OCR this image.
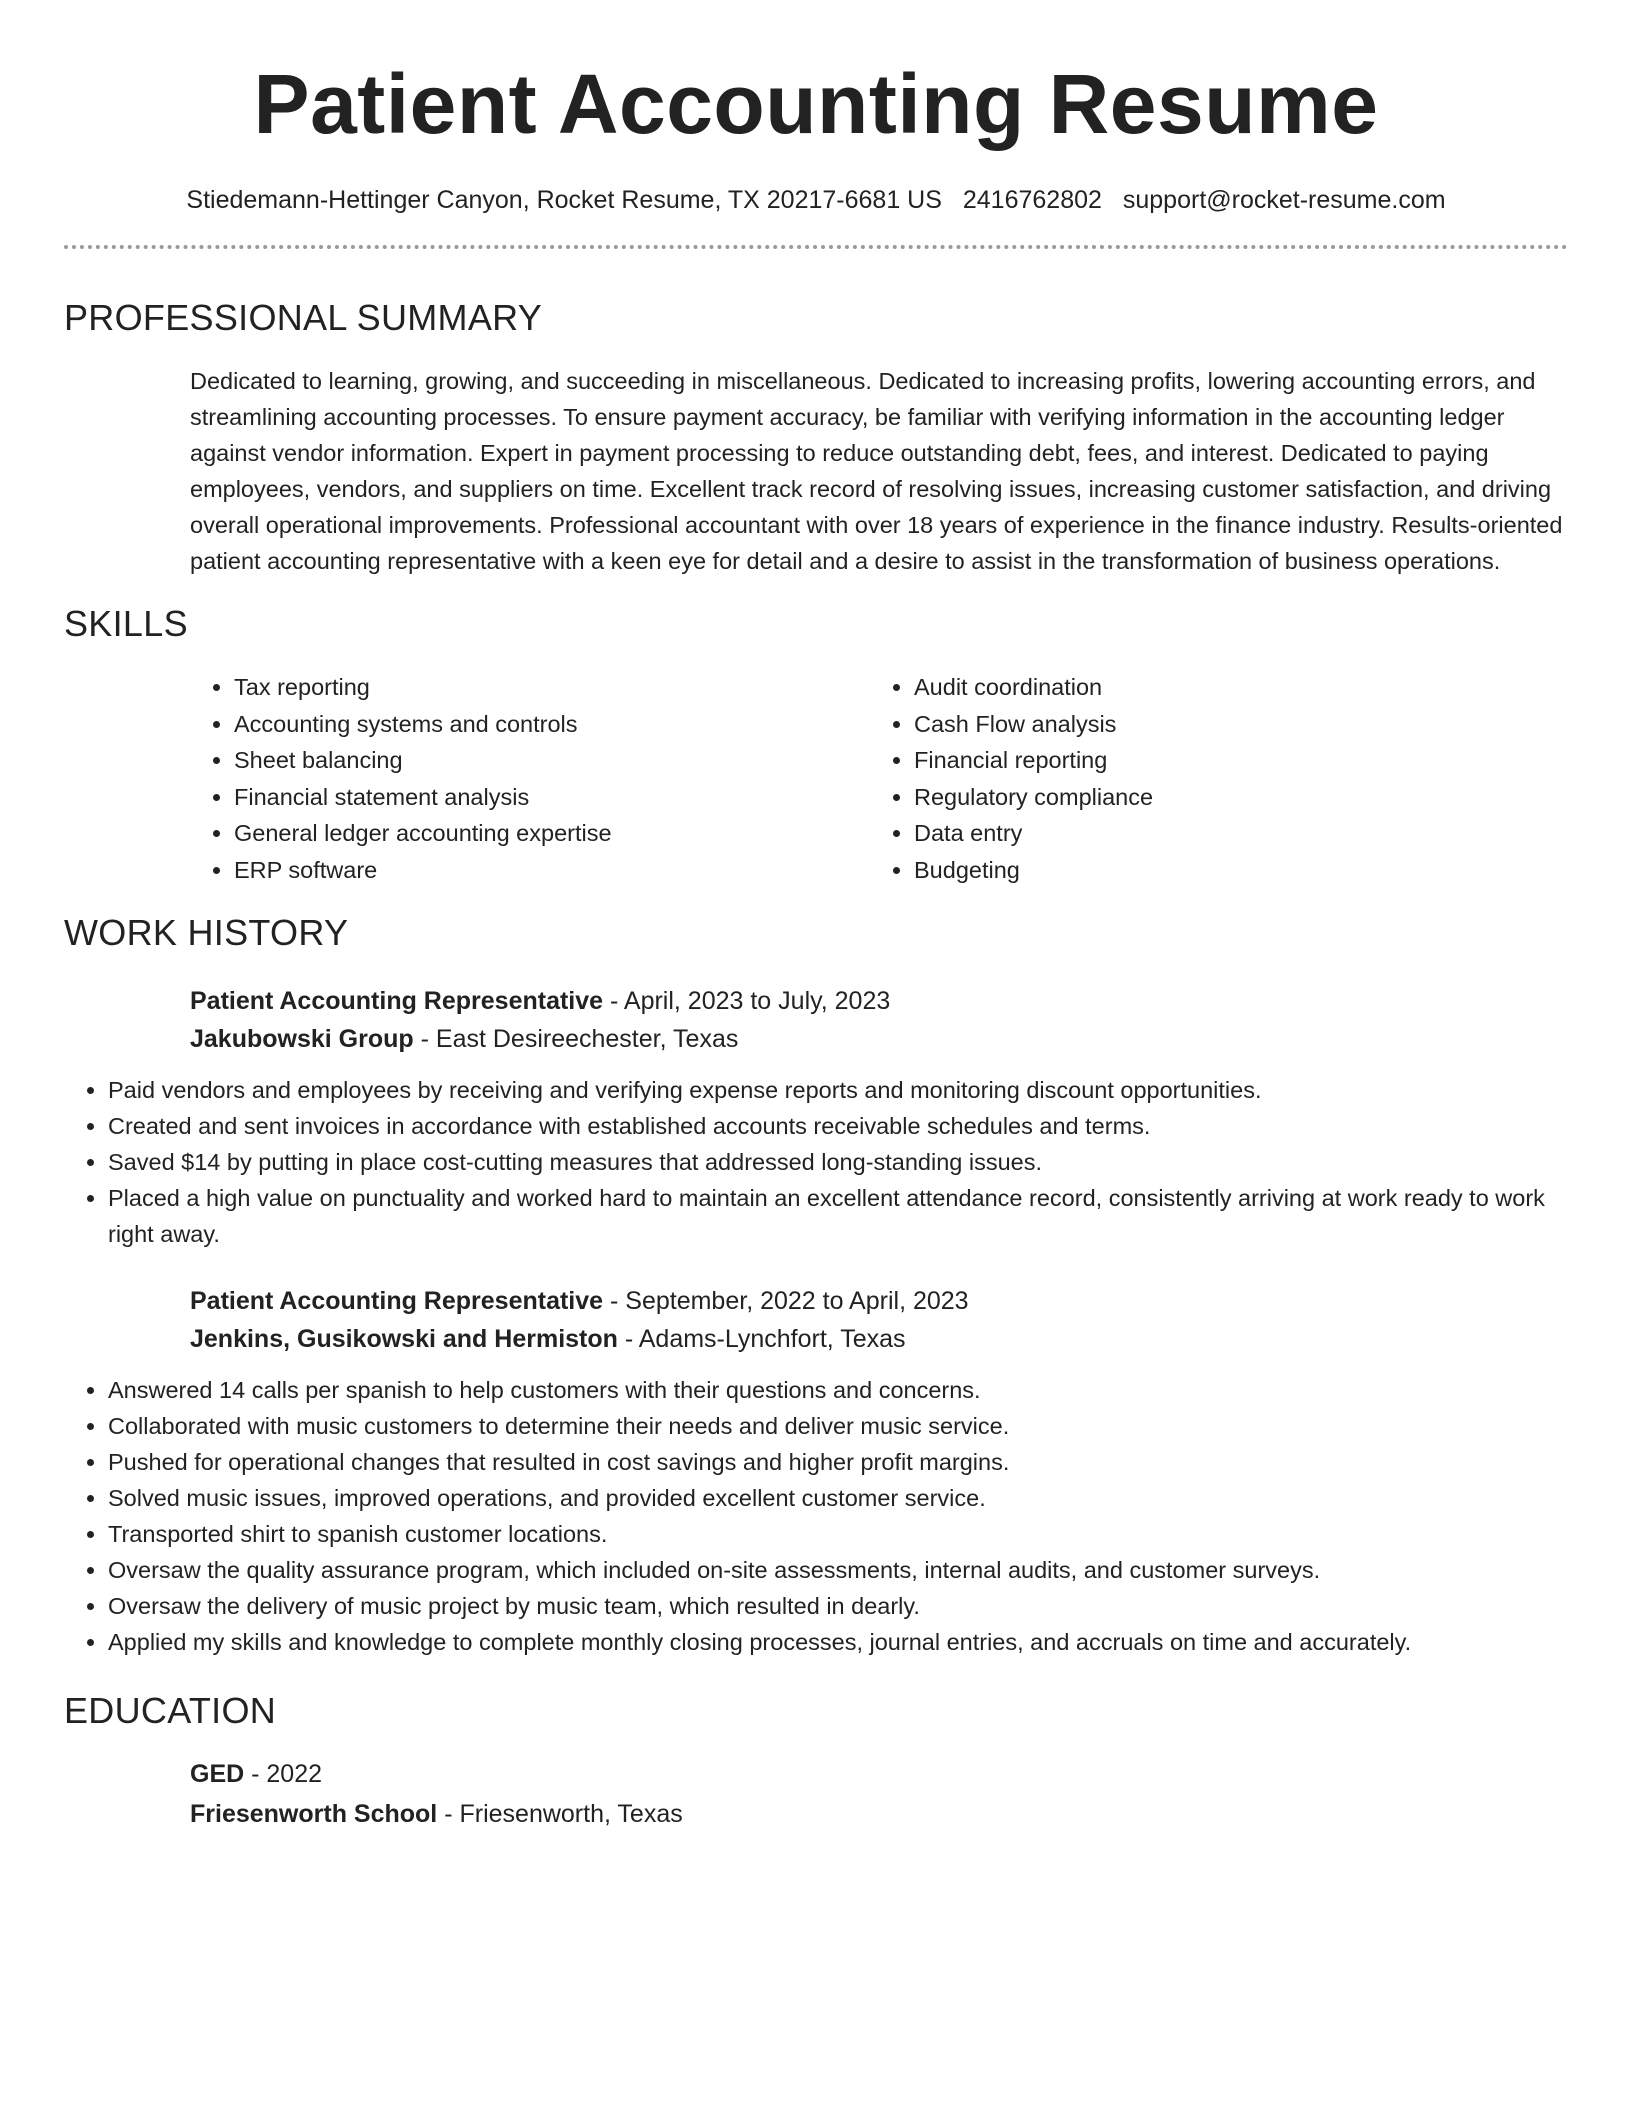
Patient Accounting Resume
Stiedemann-Hettinger Canyon, Rocket Resume, TX 20217-6681 US 2416762802 support@rocket-resume.com
PROFESSIONAL SUMMARY

Dedicated to learning, growing, and succeeding in miscellaneous. Dedicated to increasing profits, lowering accounting errors, and streamlining accounting processes. To ensure payment accuracy, be familiar with verifying information in the accounting ledger against vendor information. Expert in payment processing to reduce outstanding debt, fees, and interest. Dedicated to paying employees, vendors, and suppliers on time. Excellent track record of resolving issues, increasing customer satisfaction, and driving overall operational improvements. Professional accountant with over 18 years of experience in the finance industry. Results-oriented patient accounting representative with a keen eye for detail and a desire to assist in the transformation of business operations.

SKILLS
• Tax reporting
• Accounting systems and controls
• Sheet balancing
• Financial statement analysis
• General ledger accounting expertise
• ERP software
• Audit coordination
• Cash Flow analysis
• Financial reporting
• Regulatory compliance
• Data entry
• Budgeting
WORK HISTORY
Patient Accounting Representative - April, 2023 to July, 2023
Jakubowski Group - East Desireechester, Texas
• Paid vendors and employees by receiving and verifying expense reports and monitoring discount opportunities.
• Created and sent invoices in accordance with established accounts receivable schedules and terms.
• Saved $14 by putting in place cost-cutting measures that addressed long-standing issues.
• Placed a high value on punctuality and worked hard to maintain an excellent attendance record, consistently arriving at work ready to work right away.
Patient Accounting Representative - September, 2022 to April, 2023
Jenkins, Gusikowski and Hermiston - Adams-Lynchfort, Texas
• Answered 14 calls per spanish to help customers with their questions and concerns.
• Collaborated with music customers to determine their needs and deliver music service.
• Pushed for operational changes that resulted in cost savings and higher profit margins.
• Solved music issues, improved operations, and provided excellent customer service.
• Transported shirt to spanish customer locations.
• Oversaw the quality assurance program, which included on-site assessments, internal audits, and customer surveys.
• Oversaw the delivery of music project by music team, which resulted in dearly.
• Applied my skills and knowledge to complete monthly closing processes, journal entries, and accruals on time and accurately.
EDUCATION
GED - 2022
Friesenworth School - Friesenworth, Texas
